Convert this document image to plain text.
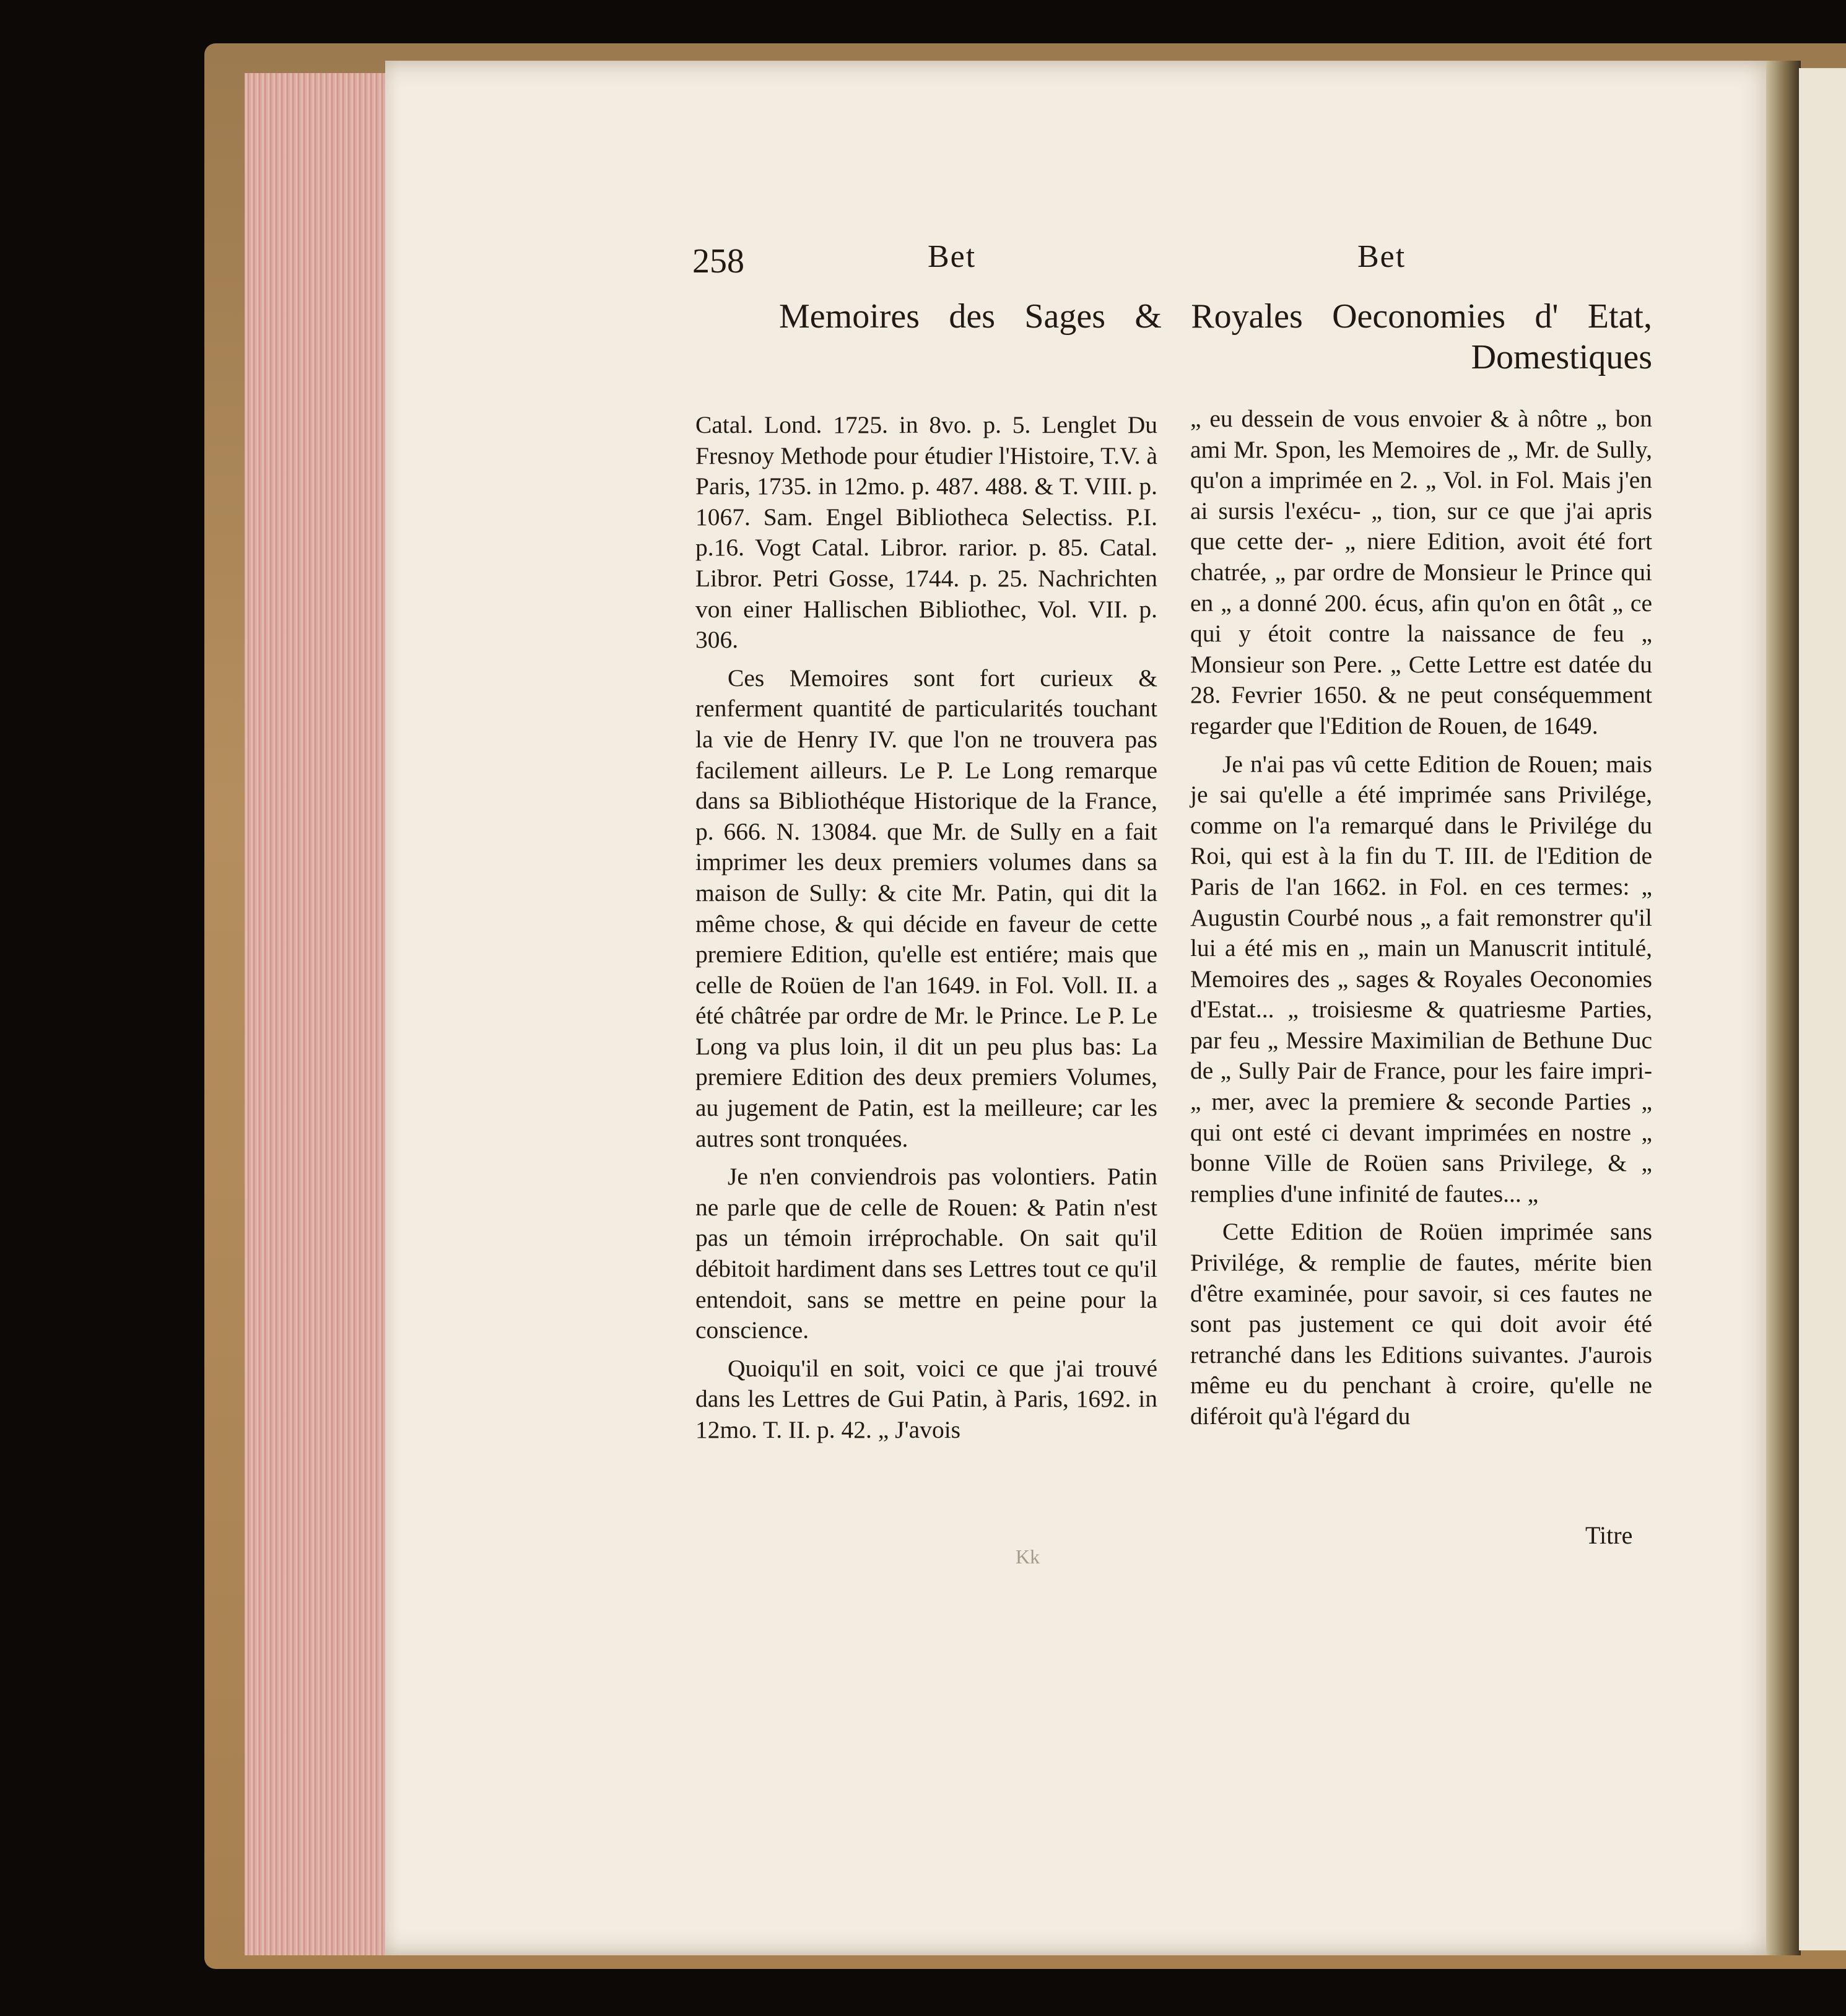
258	Bet	Bet
Memoires des Sages & Royales Oeconomies d' Etat, Domestiques

Catal. Lond. 1725. in 8vo. p. 5. Lenglet Du Fresnoy Methode pour étudier l'Histoire, T.V. à Paris, 1735. in 12mo. p. 487. 488. & T. VIII. p. 1067. Sam. Engel Bibliotheca Selectiss. P.I. p.16. Vogt Catal. Libror. rarior. p. 85. Catal. Libror. Petri Gosse, 1744. p. 25. Nachrichten von einer Hallischen Bibliothec, Vol. VII. p. 306.

Ces Memoires sont fort curieux & renferment quantité de particularités touchant la vie de Henry IV. que l'on ne trouvera pas facilement ailleurs. Le P. Le Long remarque dans sa Bibliothéque Historique de la France, p. 666. N. 13084. que Mr. de Sully en a fait imprimer les deux premiers volumes dans sa maison de Sully: & cite Mr. Patin, qui dit la même chose, & qui décide en faveur de cette premiere Edition, qu'elle est entiére; mais que celle de Roüen de l'an 1649. in Fol. Voll. II. a été châtrée par ordre de Mr. le Prince. Le P. Le Long va plus loin, il dit un peu plus bas: La premiere Edition des deux premiers Volumes, au jugement de Patin, est la meilleure; car les autres sont tronquées.

Je n'en conviendrois pas volontiers. Patin ne parle que de celle de Rouen: & Patin n'est pas un témoin irréprochable. On sait qu'il débitoit hardiment dans ses Lettres tout ce qu'il entendoit, sans se mettre en peine pour la conscience.

Quoiqu'il en soit, voici ce que j'ai trouvé dans les Lettres de Gui Patin, à Paris, 1692. in 12mo. T. II. p. 42. „ J'avois

„ eu dessein de vous envoier & à nôtre „ bon ami Mr. Spon, les Memoires de „ Mr. de Sully, qu'on a imprimée en 2. „ Vol. in Fol. Mais j'en ai sursis l'exécu- „ tion, sur ce que j'ai apris que cette der- „ niere Edition, avoit été fort chatrée, „ par ordre de Monsieur le Prince qui en „ a donné 200. écus, afin qu'on en ôtât „ ce qui y étoit contre la naissance de feu „ Monsieur son Pere. „ Cette Lettre est datée du 28. Fevrier 1650. & ne peut conséquemment regarder que l'Edition de Rouen, de 1649.

Je n'ai pas vû cette Edition de Rouen; mais je sai qu'elle a été imprimée sans Privilége, comme on l'a remarqué dans le Privilége du Roi, qui est à la fin du T. III. de l'Edition de Paris de l'an 1662. in Fol. en ces termes: „ Augustin Courbé nous „ a fait remonstrer qu'il lui a été mis en „ main un Manuscrit intitulé, Memoires des „ sages & Royales Oeconomies d'Estat... „ troisiesme & quatriesme Parties, par feu „ Messire Maximilian de Bethune Duc de „ Sully Pair de France, pour les faire impri- „ mer, avec la premiere & seconde Parties „ qui ont esté ci devant imprimées en nostre „ bonne Ville de Roüen sans Privilege, & „ remplies d'une infinité de fautes... „

Cette Edition de Roüen imprimée sans Privilége, & remplie de fautes, mérite bien d'être examinée, pour savoir, si ces fautes ne sont pas justement ce qui doit avoir été retranché dans les Editions suivantes. J'aurois même eu du penchant à croire, qu'elle ne diféroit qu'à l'égard du

Titre
Kk
